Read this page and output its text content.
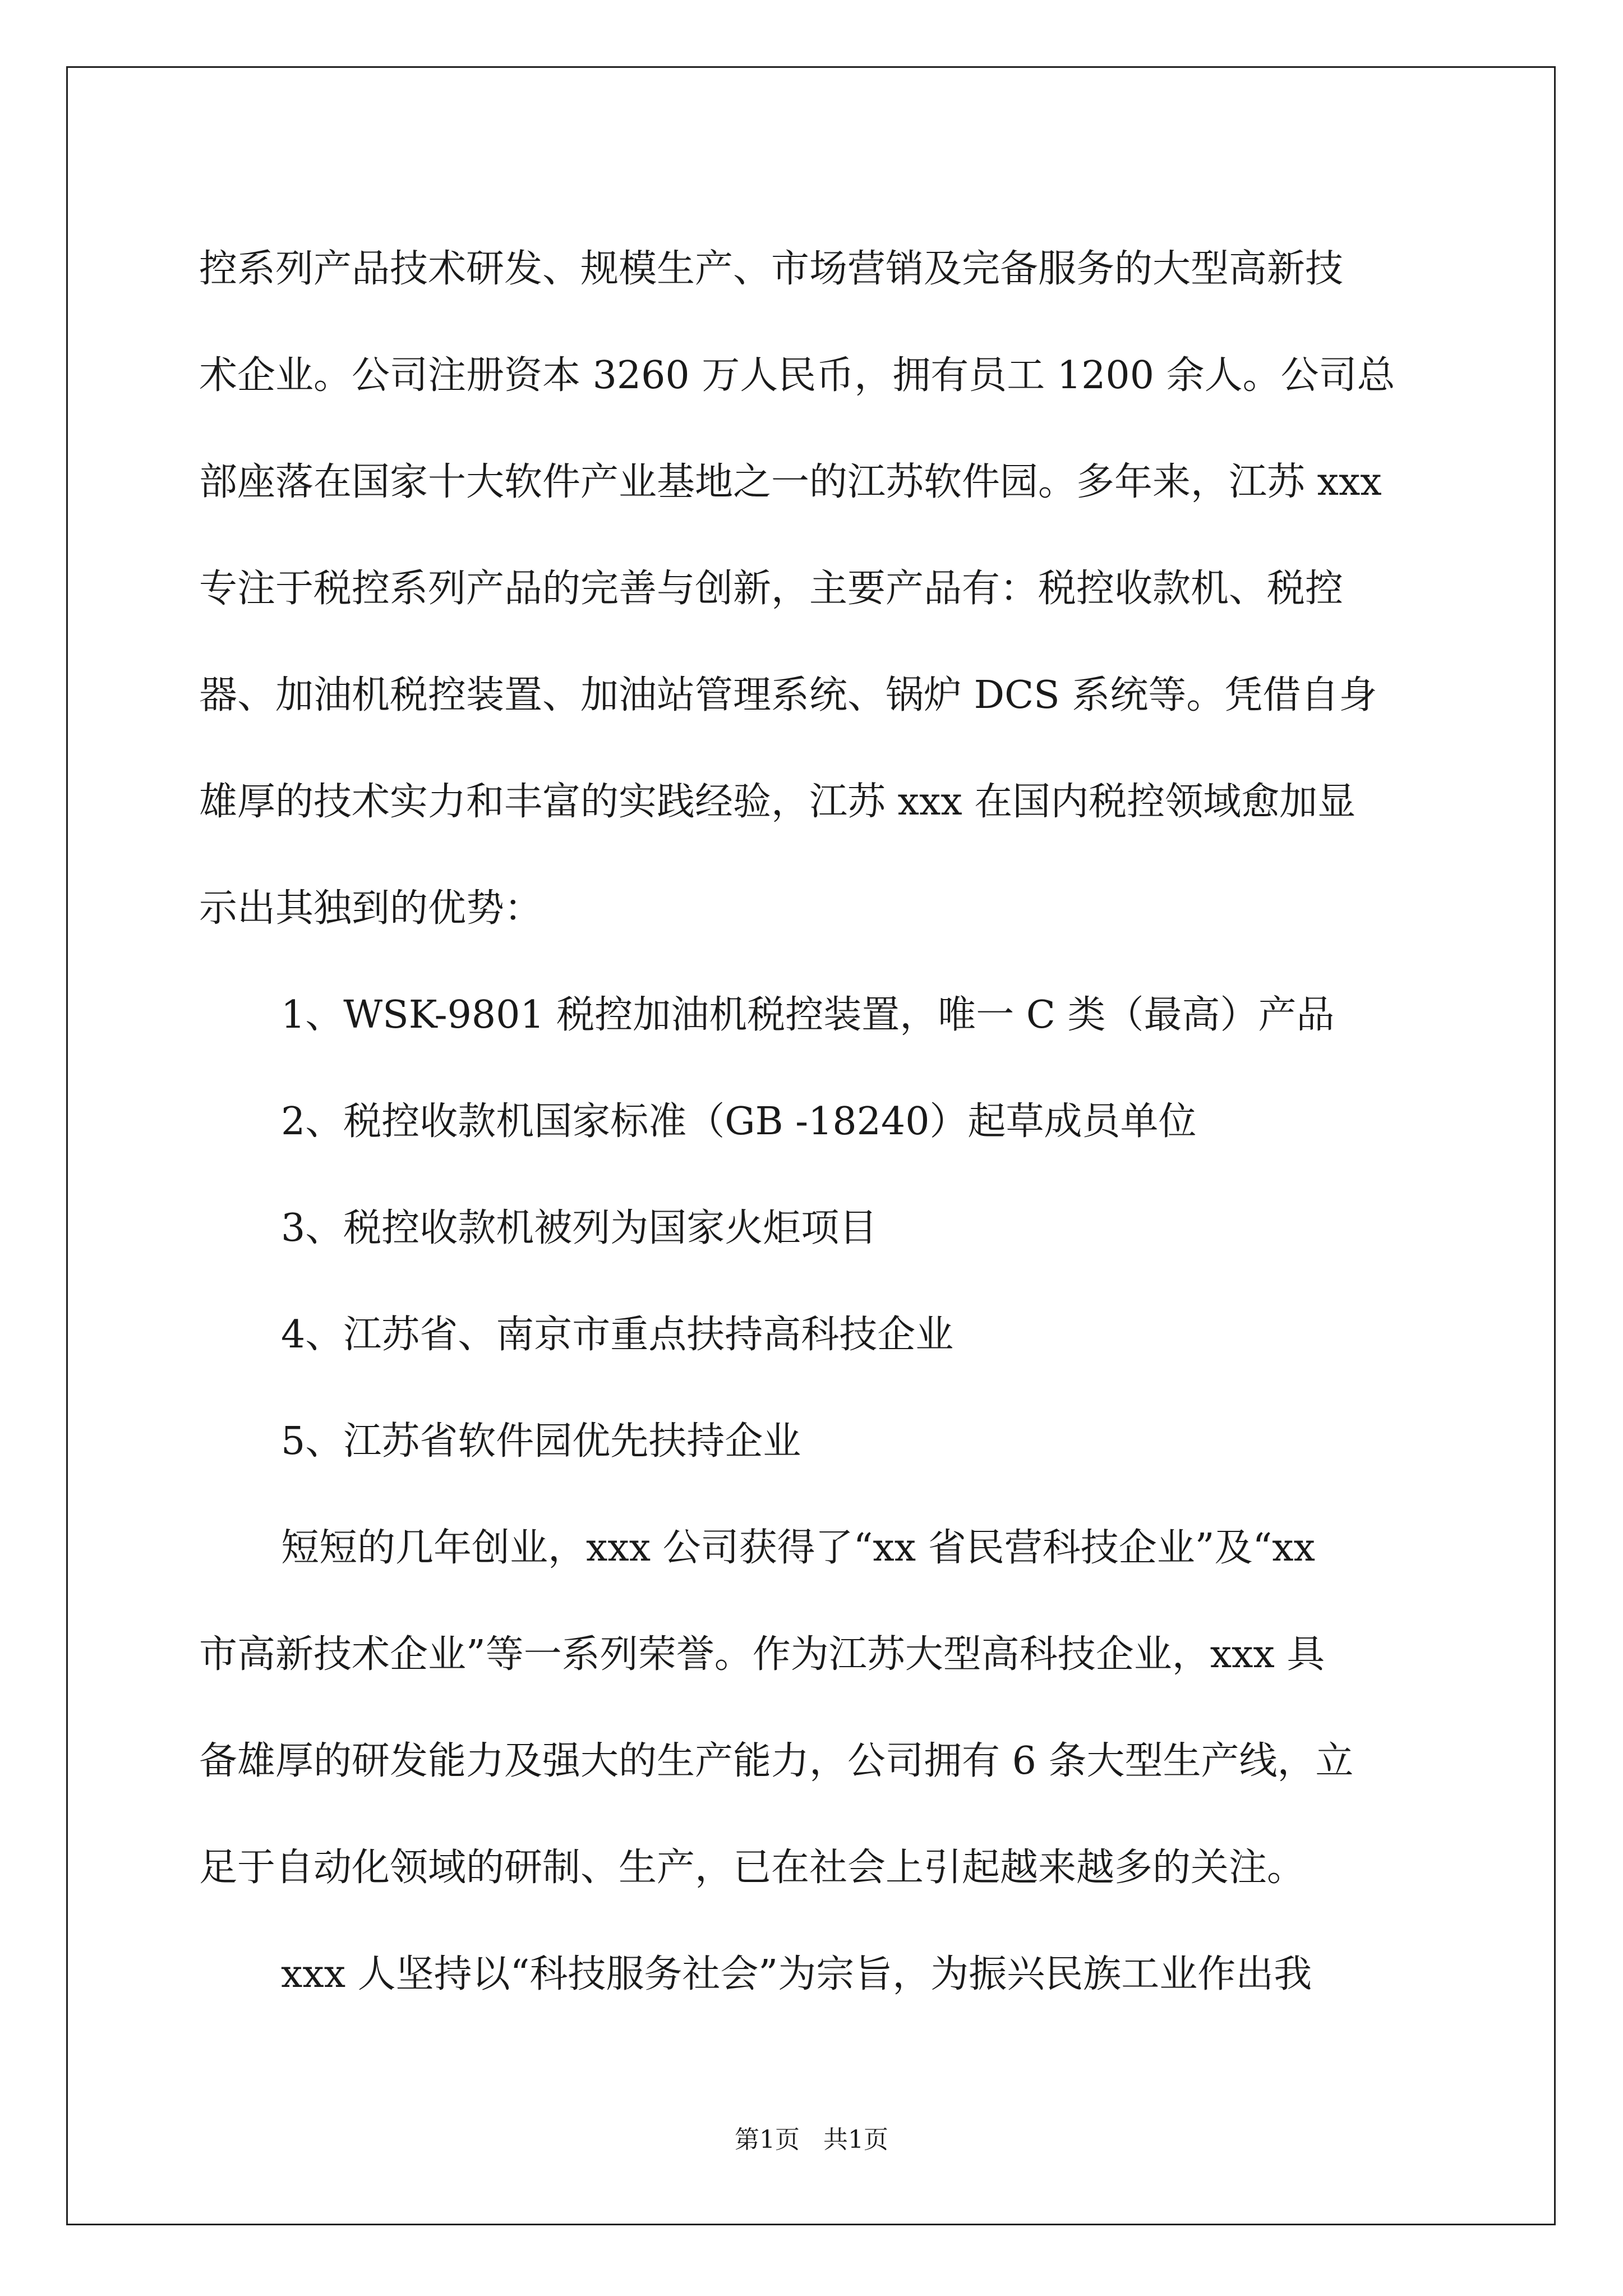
控系列产品技术研发、规模生产、市场营销及完备服务的大型高新技
术企业。公司注册资本 3260 万人民币，拥有员工 1200 余人。公司总
部座落在国家十大软件产业基地之一的江苏软件园。多年来，江苏 xxx
专注于税控系列产品的完善与创新，主要产品有：税控收款机、税控
器、加油机税控装置、加油站管理系统、锅炉 DCS 系统等。凭借自身
雄厚的技术实力和丰富的实践经验，江苏 xxx 在国内税控领域愈加显
示出其独到的优势：
1、WSK-9801 税控加油机税控装置，唯一 C 类（最高）产品
2、税控收款机国家标准（GB -18240）起草成员单位
3、税控收款机被列为国家火炬项目
4、江苏省、南京市重点扶持高科技企业
5、江苏省软件园优先扶持企业
短短的几年创业，xxx 公司获得了“xx 省民营科技企业”及“xx
市高新技术企业”等一系列荣誉。作为江苏大型高科技企业，xxx 具
备雄厚的研发能力及强大的生产能力，公司拥有 6 条大型生产线，立
足于自动化领域的研制、生产，已在社会上引起越来越多的关注。
xxx 人坚持以“科技服务社会”为宗旨，为振兴民族工业作出我
第1页   共1页
